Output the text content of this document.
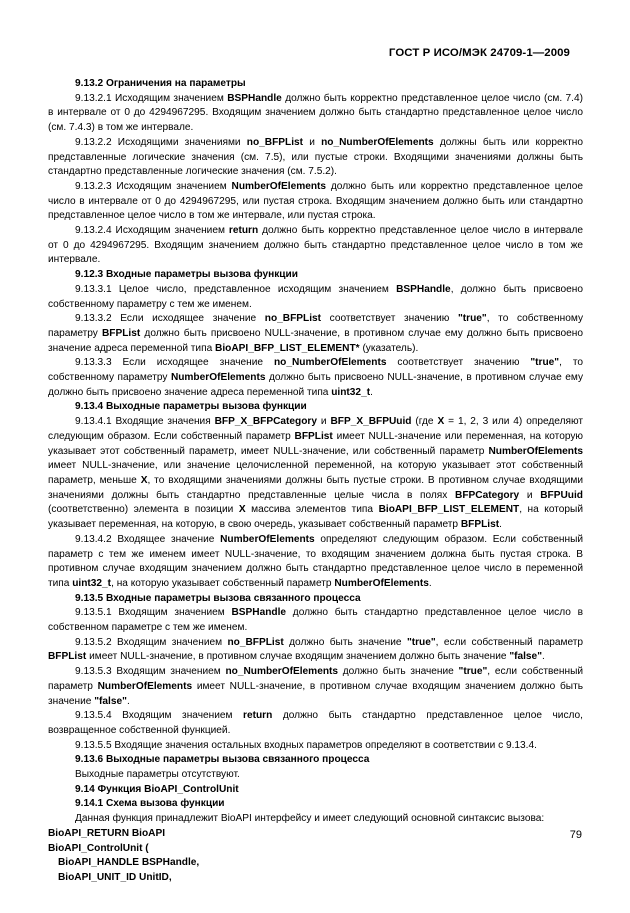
ГОСТ Р ИСО/МЭК 24709-1—2009

9.13.2 Ограничения на параметры

9.13.2.1 Исходящим значением BSPHandle должно быть корректно представленное целое число (см. 7.4) в интервале от 0 до 4294967295. Входящим значением должно быть стандартно представленное целое число (см. 7.4.3) в том же интервале.

9.13.2.2 Исходящими значениями no_BFPList и no_NumberOfElements должны быть или корректно представленные логические значения (см. 7.5), или пустые строки. Входящими значениями должны быть стандартно представленные логические значения (см. 7.5.2).

9.13.2.3 Исходящим значением NumberOfElements должно быть или корректно представленное целое число в интервале от 0 до 4294967295, или пустая строка. Входящим значением должно быть или стандартно представленное целое число в том же интервале, или пустая строка.

9.13.2.4 Исходящим значением return должно быть корректно представленное целое число в интервале от 0 до 4294967295. Входящим значением должно быть стандартно представленное целое число в том же интервале.

9.12.3 Входные параметры вызова функции

9.13.3.1 Целое число, представленное исходящим значением BSPHandle, должно быть присвоено собственному параметру с тем же именем.

9.13.3.2 Если исходящее значение no_BFPList соответствует значению "true", то собственному параметру BFPList должно быть присвоено NULL-значение, в противном случае ему должно быть присвоено значение адреса переменной типа BioAPI_BFP_LIST_ELEMENT* (указатель).

9.13.3.3 Если исходящее значение no_NumberOfElements соответствует значению "true", то собственному параметру NumberOfElements должно быть присвоено NULL-значение, в противном случае ему должно быть присвоено значение адреса переменной типа uint32_t.

9.13.4 Выходные параметры вызова функции

9.13.4.1 Входящие значения BFP_X_BFPCategory и BFP_X_BFPUuid (где X = 1, 2, 3 или 4) определяют следующим образом. Если собственный параметр BFPList имеет NULL-значение или переменная, на которую указывает этот собственный параметр, имеет NULL-значение, или собственный параметр NumberOfElements имеет NULL-значение, или значение целочисленной переменной, на которую указывает этот собственный параметр, меньше X, то входящими значениями должны быть пустые строки. В противном случае входящими значениями должны быть стандартно представленные целые числа в полях BFPCategory и BFPUuid (соответственно) элемента в позиции X массива элементов типа BioAPI_BFP_LIST_ELEMENT, на который указывает переменная, на которую, в свою очередь, указывает собственный параметр BFPList.

9.13.4.2 Входящее значение NumberOfElements определяют следующим образом. Если собственный параметр с тем же именем имеет NULL-значение, то входящим значением должна быть пустая строка. В противном случае входящим значением должно быть стандартно представленное целое число в переменной типа uint32_t, на которую указывает собственный параметр NumberOfElements.

9.13.5 Входные параметры вызова связанного процесса

9.13.5.1 Входящим значением BSPHandle должно быть стандартно представленное целое число в собственном параметре с тем же именем.

9.13.5.2 Входящим значением no_BFPList должно быть значение "true", если собственный параметр BFPList имеет NULL-значение, в противном случае входящим значением должно быть значение "false".

9.13.5.3 Входящим значением no_NumberOfElements должно быть значение "true", если собственный параметр NumberOfElements имеет NULL-значение, в противном случае входящим значением должно быть значение "false".

9.13.5.4 Входящим значением return должно быть стандартно представленное целое число, возвращенное собственной функцией.

9.13.5.5 Входящие значения остальных входных параметров определяют в соответствии с 9.13.4.

9.13.6 Выходные параметры вызова связанного процесса

Выходные параметры отсутствуют.

9.14 Функция BioAPI_ControlUnit

9.14.1 Схема вызова функции

Данная функция принадлежит BioAPI интерфейсу и имеет следующий основной синтаксис вызова:

BioAPI_RETURN BioAPI

BioAPI_ControlUnit (

BioAPI_HANDLE BSPHandle,

BioAPI_UNIT_ID UnitID,

79
